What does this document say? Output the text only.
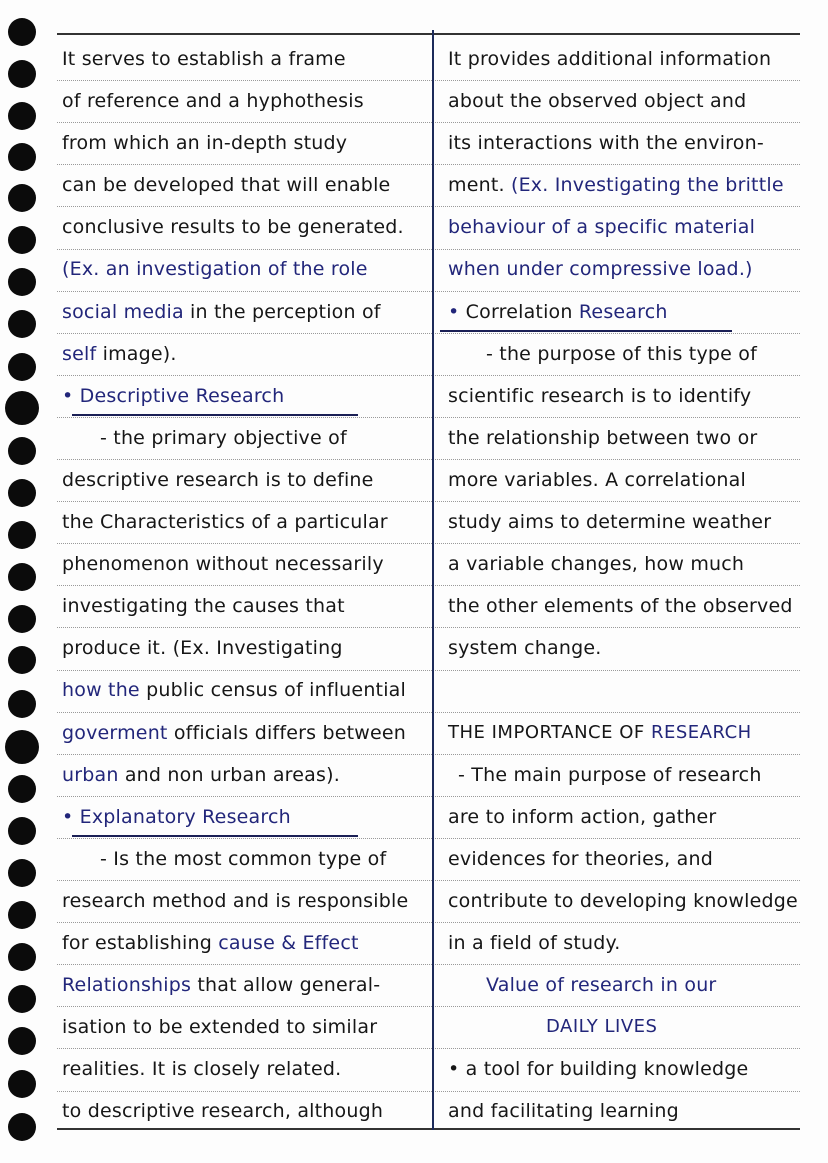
It serves to establish a frame
of reference and a hyphothesis
from which an in-depth study
can be developed that will enable
conclusive results to be generated.
(Ex. an investigation of the role
social media in the perception of
self image).
• Descriptive Research
- the primary objective of
descriptive research is to define
the Characteristics of a particular
phenomenon without necessarily
investigating the causes that
produce it. (Ex. Investigating
how the public census of influential
goverment officials differs between
urban and non urban areas).
• Explanatory Research
- Is the most common type of
research method and is responsible
for establishing cause & Effect
Relationships that allow general-
isation to be extended to similar
realities. It is closely related.
to descriptive research, although
It provides additional information
about the observed object and
its interactions with the environ-
ment. (Ex. Investigating the brittle
behaviour of a specific material
when under compressive load.)
• Correlation Research
- the purpose of this type of
scientific research is to identify
the relationship between two or
more variables. A correlational
study aims to determine weather
a variable changes, how much
the other elements of the observed
system change.
THE IMPORTANCE OF RESEARCH
- The main purpose of research
are to inform action, gather
evidences for theories, and
contribute to developing knowledge
in a field of study.
Value of research in our
DAILY LIVES
• a tool for building knowledge
and facilitating learning
